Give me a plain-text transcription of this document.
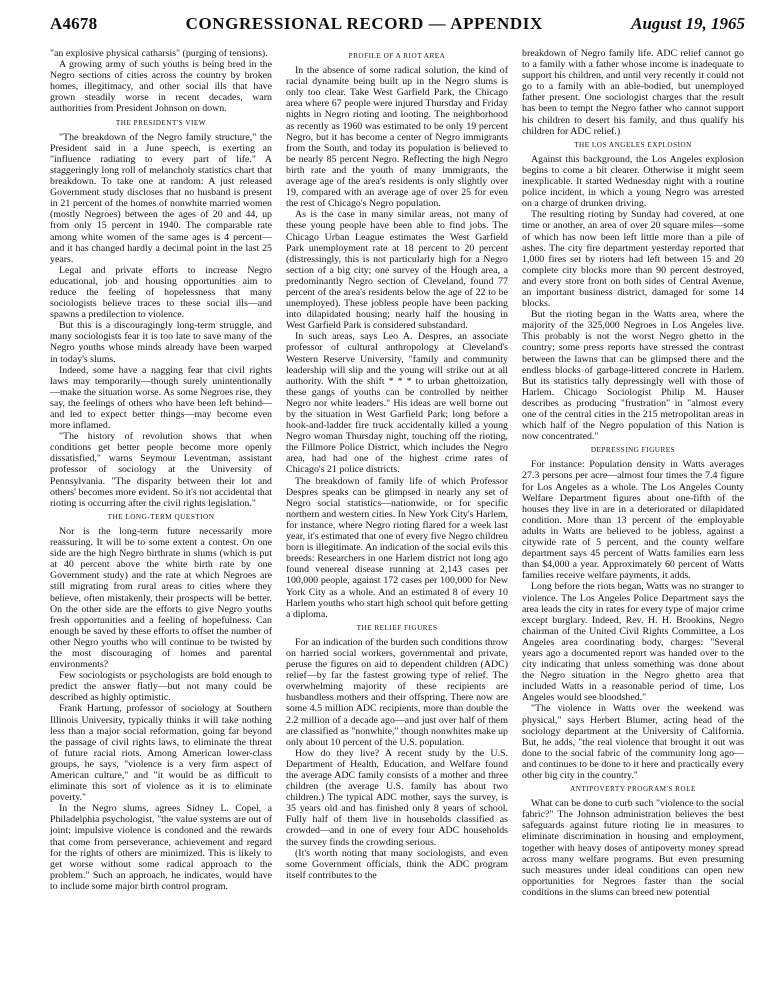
A4678	CONGRESSIONAL RECORD — APPENDIX	August 19, 1965

"an explosive physical catharsis" (purging of tensions).

A growing army of such youths is being bred in the Negro sections of cities across the country by broken homes, illegitimacy, and other social ills that have grown steadily worse in recent decades, warn authorities from President Johnson on down.

THE PRESIDENT'S VIEW

"The breakdown of the Negro family structure," the President said in a June speech, is exerting an "influence radiating to every part of life." A staggeringly long roll of melancholy statistics chart that breakdown. To take one at random: A just released Government study discloses that no husband is present in 21 percent of the homes of nonwhite married women (mostly Negroes) between the ages of 20 and 44, up from only 15 percent in 1940. The comparable rate among white women of the same ages is 4 percent—and it has changed hardly a decimal point in the last 25 years.

Legal and private efforts to increase Negro educational, job and housing opportunities aim to reduce the feeling of hopelessness that many sociologists believe traces to these social ills—and spawns a predilection to violence.

But this is a discouragingly long-term struggle, and many sociologists fear it is too late to save many of the Negro youths whose minds already have been warped in today's slums.

Indeed, some have a nagging fear that civil rights laws may temporarily—though surely unintentionally—make the situation worse. As some Negroes rise, they say, the feelings of others who have been left behind—and led to expect better things—may become even more inflamed.

"The history of revolution shows that when conditions get better people become more openly dissatisfied," warns Seymour Leventman, assistant professor of sociology at the University of Pennsylvania. "The disparity between their lot and others' becomes more evident. So it's not accidental that rioting is occurring after the civil rights legislation."

THE LONG-TERM QUESTION

Nor is the long-term future necessarily more reassuring. It will be to some extent a contest. On one side are the high Negro birthrate in slums (which is put at 40 percent above the white birth rate by one Government study) and the rate at which Negroes are still migrating from rural areas to cities where they believe, often mistakenly, their prospects will be better. On the other side are the efforts to give Negro youths fresh opportunities and a feeling of hopefulness. Can enough be saved by these efforts to offset the number of other Negro youths who will continue to be twisted by the most discouraging of homes and parental environments?

Few sociologists or psychologists are bold enough to predict the answer flatly—but not many could be described as highly optimistic.

Frank Hartung, professor of sociology at Southern Illinois University, typically thinks it will take nothing less than a major social reformation, going far beyond the passage of civil rights laws, to eliminate the threat of future racial riots. Among American lower-class groups, he says, "violence is a very firm aspect of American culture," and "it would be as difficult to eliminate this sort of violence as it is to eliminate poverty."

In the Negro slums, agrees Sidney L. Copel, a Philadelphia psychologist, "the value systems are out of joint; impulsive violence is condoned and the rewards that come from perseverance, achievement and regard for the rights of others are minimized. This is likely to get worse without some radical approach to the problem." Such an approach, he indicates, would have to include some major birth control program.

PROFILE OF A RIOT AREA

In the absence of some radical solution, the kind of racial dynamite being built up in the Negro slums is only too clear. Take West Garfield Park, the Chicago area where 67 people were injured Thursday and Friday nights in Negro rioting and looting. The neighborhood as recently as 1960 was estimated to be only 19 percent Negro, but it has become a center of Negro immigrants from the South, and today its population is believed to be nearly 85 percent Negro. Reflecting the high Negro birth rate and the youth of many immigrants, the average age of the area's residents is only slightly over 19, compared with an average age of over 25 for even the rest of Chicago's Negro population.

As is the case in many similar areas, not many of these young people have been able to find jobs. The Chicago Urban League estimates the West Garfield Park unemployment rate at 18 percent to 20 percent (distressingly, this is not particularly high for a Negro section of a big city; one survey of the Hough area, a predominantly Negro section of Cleveland, found 77 percent of the area's residents below the age of 22 to be unemployed). These jobless people have been packing into dilapidated housing; nearly half the housing in West Garfield Park is considered substandard.

In such areas, says Leo A. Despres, an associate professor of cultural anthropology at Cleveland's Western Reserve University, "family and community leadership will slip and the young will strike out at all authority. With the shift * * * to urban ghettoization, these gangs of youths can be controlled by neither Negro nor white leaders." His ideas are well borne out by the situation in West Garfield Park; long before a hook-and-ladder fire truck accidentally killed a young Negro woman Thursday night, touching off the rioting, the Fillmore Police District, which includes the Negro area, had had one of the highest crime rates of Chicago's 21 police districts.

The breakdown of family life of which Professor Despres speaks can be glimpsed in nearly any set of Negro social statistics—nationwide, or for specific northern and western cities. In New York City's Harlem, for instance, where Negro rioting flared for a week last year, it's estimated that one of every five Negro children born is illegitimate. An indication of the social evils this breeds: Researchers in one Harlem district not long ago found venereal disease running at 2,143 cases per 100,000 people, against 172 cases per 100,000 for New York City as a whole. And an estimated 8 of every 10 Harlem youths who start high school quit before getting a diploma.

THE RELIEF FIGURES

For an indication of the burden such conditions throw on harried social workers, governmental and private, peruse the figures on aid to dependent children (ADC) relief—by far the fastest growing type of relief. The overwhelming majority of these recipients are husbandless mothers and their offspring. There now are some 4.5 million ADC recipients, more than double the 2.2 million of a decade ago—and just over half of them are classified as "nonwhite," though nonwhites make up only about 10 percent of the U.S. population.

How do they live? A recent study by the U.S. Department of Health, Education, and Welfare found the average ADC family consists of a mother and three children (the average U.S. family has about two children.) The typical ADC mother, says the survey, is 35 years old and has finished only 8 years of school. Fully half of them live in households classified as crowded—and in one of every four ADC households the survey finds the crowding serious.

(It's worth noting that many sociologists, and even some Government officials, think the ADC program itself contributes to the

breakdown of Negro family life. ADC relief cannot go to a family with a father whose income is inadequate to support his children, and until very recently it could not go to a family with an able-bodied, but unemployed father present. One sociologist charges that the result has been to tempt the Negro father who cannot support his children to desert his family, and thus qualify his children for ADC relief.)

THE LOS ANGELES EXPLOSION

Against this background, the Los Angeles explosion begins to come a bit clearer. Otherwise it might seem inexplicable. It started Wednesday night with a routine police incident, in which a young Negro was arrested on a charge of drunken driving.

The resulting rioting by Sunday had covered, at one time or another, an area of over 20 square miles—some of which has now been left little more than a pile of ashes. The city fire department yesterday reported that 1,000 fires set by rioters had left between 15 and 20 complete city blocks more than 90 percent destroyed, and every store front on both sides of Central Avenue, an important business district, damaged for some 14 blocks.

But the rioting began in the Watts area, where the majority of the 325,000 Negroes in Los Angeles live. This probably is not the worst Negro ghetto in the country; some press reports have stressed the contrast between the lawns that can be glimpsed there and the endless blocks of garbage-littered concrete in Harlem. But its statistics tally depressingly well with those of Harlem. Chicago Sociologist Philip M. Hauser describes as producing "frustration" in "almost every one of the central cities in the 215 metropolitan areas in which half of the Negro population of this Nation is now concentrated."

DEPRESSING FIGURES

For instance: Population density in Watts averages 27.3 persons per acre—almost four times the 7.4 figure for Los Angeles as a whole. The Los Angeles County Welfare Department figures about one-fifth of the houses they live in are in a deteriorated or dilapidated condition. More than 13 percent of the employable adults in Watts are believed to be jobless, against a citywide rate of 5 percent, and the county welfare department says 45 percent of Watts families earn less than $4,000 a year. Approximately 60 percent of Watts families receive welfare payments, it adds.

Long before the riots began, Watts was no stranger to violence. The Los Angeles Police Department says the area leads the city in rates for every type of major crime except burglary. Indeed, Rev. H. H. Brookins, Negro chairman of the United Civil Rights Committee, a Los Angeles area coordinating body, charges: "Several years ago a documented report was handed over to the city indicating that unless something was done about the Negro situation in the Negro ghetto area that included Watts in a reasonable period of time, Los Angeles would see bloodshed."

"The violence in Watts over the weekend was physical," says Herbert Blumer, acting head of the sociology department at the University of California. But, he adds, "the real violence that brought it out was done to the social fabric of the community long ago—and continues to be done to it here and practically every other big city in the country."

ANTIPOVERTY PROGRAM'S ROLE

What can be done to curb such "violence to the social fabric?" The Johnson administration believes the best safeguards against future rioting lie in measures to eliminate discrimination in housing and employment, together with heavy doses of antipoverty money spread across many welfare programs. But even presuming such measures under ideal conditions can open new opportunities for Negroes faster than the social conditions in the slums can breed new potential
